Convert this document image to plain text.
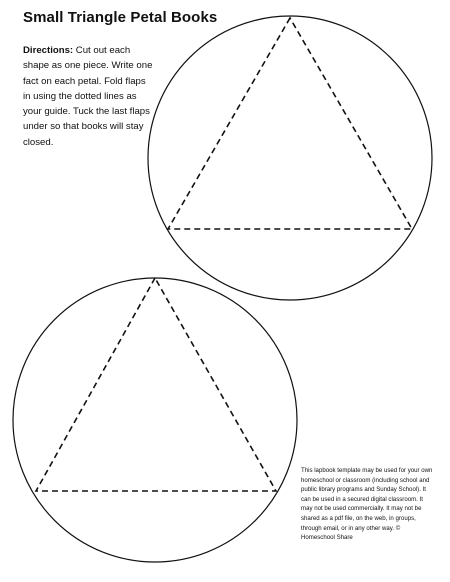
Small Triangle Petal Books

Directions: Cut out each shape as one piece. Write one fact on each petal. Fold flaps in using the dotted lines as your guide. Tuck the last flaps under so that books will stay closed.

This lapbook template may be used for your own homeschool or classroom (including school and public library programs and Sunday School). It can be used in a secured digital classroom. It may not be used commercially. It may not be shared as a pdf file, on the web, in groups, through email, or in any other way. © Homeschool Share
